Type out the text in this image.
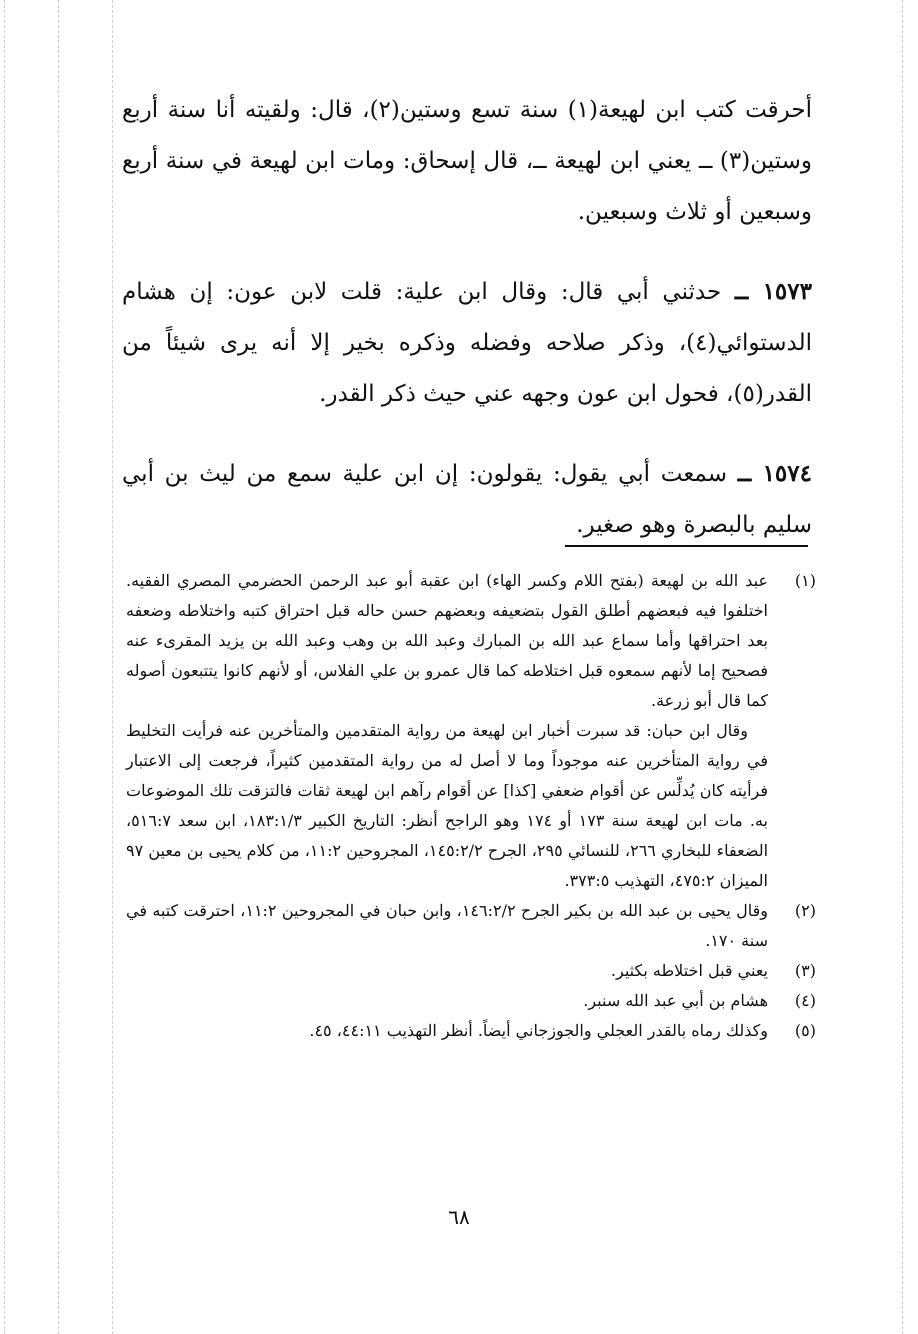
أحرقت كتب ابن لهيعة(١) سنة تسع وستين(٢)، قال: ولقيته أنا سنة أربع وستين(٣) ــ يعني ابن لهيعة ــ، قال إسحاق: ومات ابن لهيعة في سنة أربع وسبعين أو ثلاث وسبعين.

١٥٧٣ ــ حدثني أبي قال: وقال ابن علية: قلت لابن عون: إن هشام الدستوائي(٤)، وذكر صلاحه وفضله وذكره بخير إلا أنه يرى شيئاً من القدر(٥)، فحول ابن عون وجهه عني حيث ذكر القدر.

١٥٧٤ ــ سمعت أبي يقول: يقولون: إن ابن علية سمع من ليث بن أبي سليم بالبصرة وهو صغير.

(١)

عبد الله بن لهيعة (بفتح اللام وكسر الهاء) ابن عقبة أبو عبد الرحمن الحضرمي المصري الفقيه. اختلفوا فيه فبعضهم أطلق القول بتضعيفه وبعضهم حسن حاله قبل احتراق كتبه واختلاطه وضعفه بعد احتراقها وأما سماع عبد الله بن المبارك وعبد الله بن وهب وعبد الله بن يزيد المقرىء عنه فصحيح إما لأنهم سمعوه قبل اختلاطه كما قال عمرو بن علي الفلاس، أو لأنهم كانوا يتتبعون أصوله كما قال أبو زرعة.

وقال ابن حبان: قد سبرت أخبار ابن لهيعة من رواية المتقدمين والمتأخرين عنه فرأيت التخليط في رواية المتأخرين عنه موجوداً وما لا أصل له من رواية المتقدمين كثيراً، فرجعت إلى الاعتبار فرأيته كان يُدلِّس عن أقوام ضعفي [كذا] عن أقوام رآهم ابن لهيعة ثقات فالتزقت تلك الموضوعات به. مات ابن لهيعة سنة ١٧٣ أو ١٧٤ وهو الراجح أنظر: التاريخ الكبير ١٨٣:١/٣، ابن سعد ٥١٦:٧، الضعفاء للبخاري ٢٦٦، للنسائي ٢٩٥، الجرح ١٤٥:٢/٢، المجروحين ١١:٢، من كلام يحيى بن معين ٩٧ الميزان ٤٧٥:٢، التهذيب ٣٧٣:٥.

(٢)

وقال يحيى بن عبد الله بن بكير الجرح ١٤٦:٢/٢، وابن حبان في المجروحين ١١:٢، احترقت كتبه في سنة ١٧٠.

(٣)

يعني قبل اختلاطه بكثير.

(٤)

هشام بن أبي عبد الله سنبر.

(٥)

وكذلك رماه بالقدر العجلي والجوزجاني أيضاً. أنظر التهذيب ٤٤:١١، ٤٥.

٦٨
